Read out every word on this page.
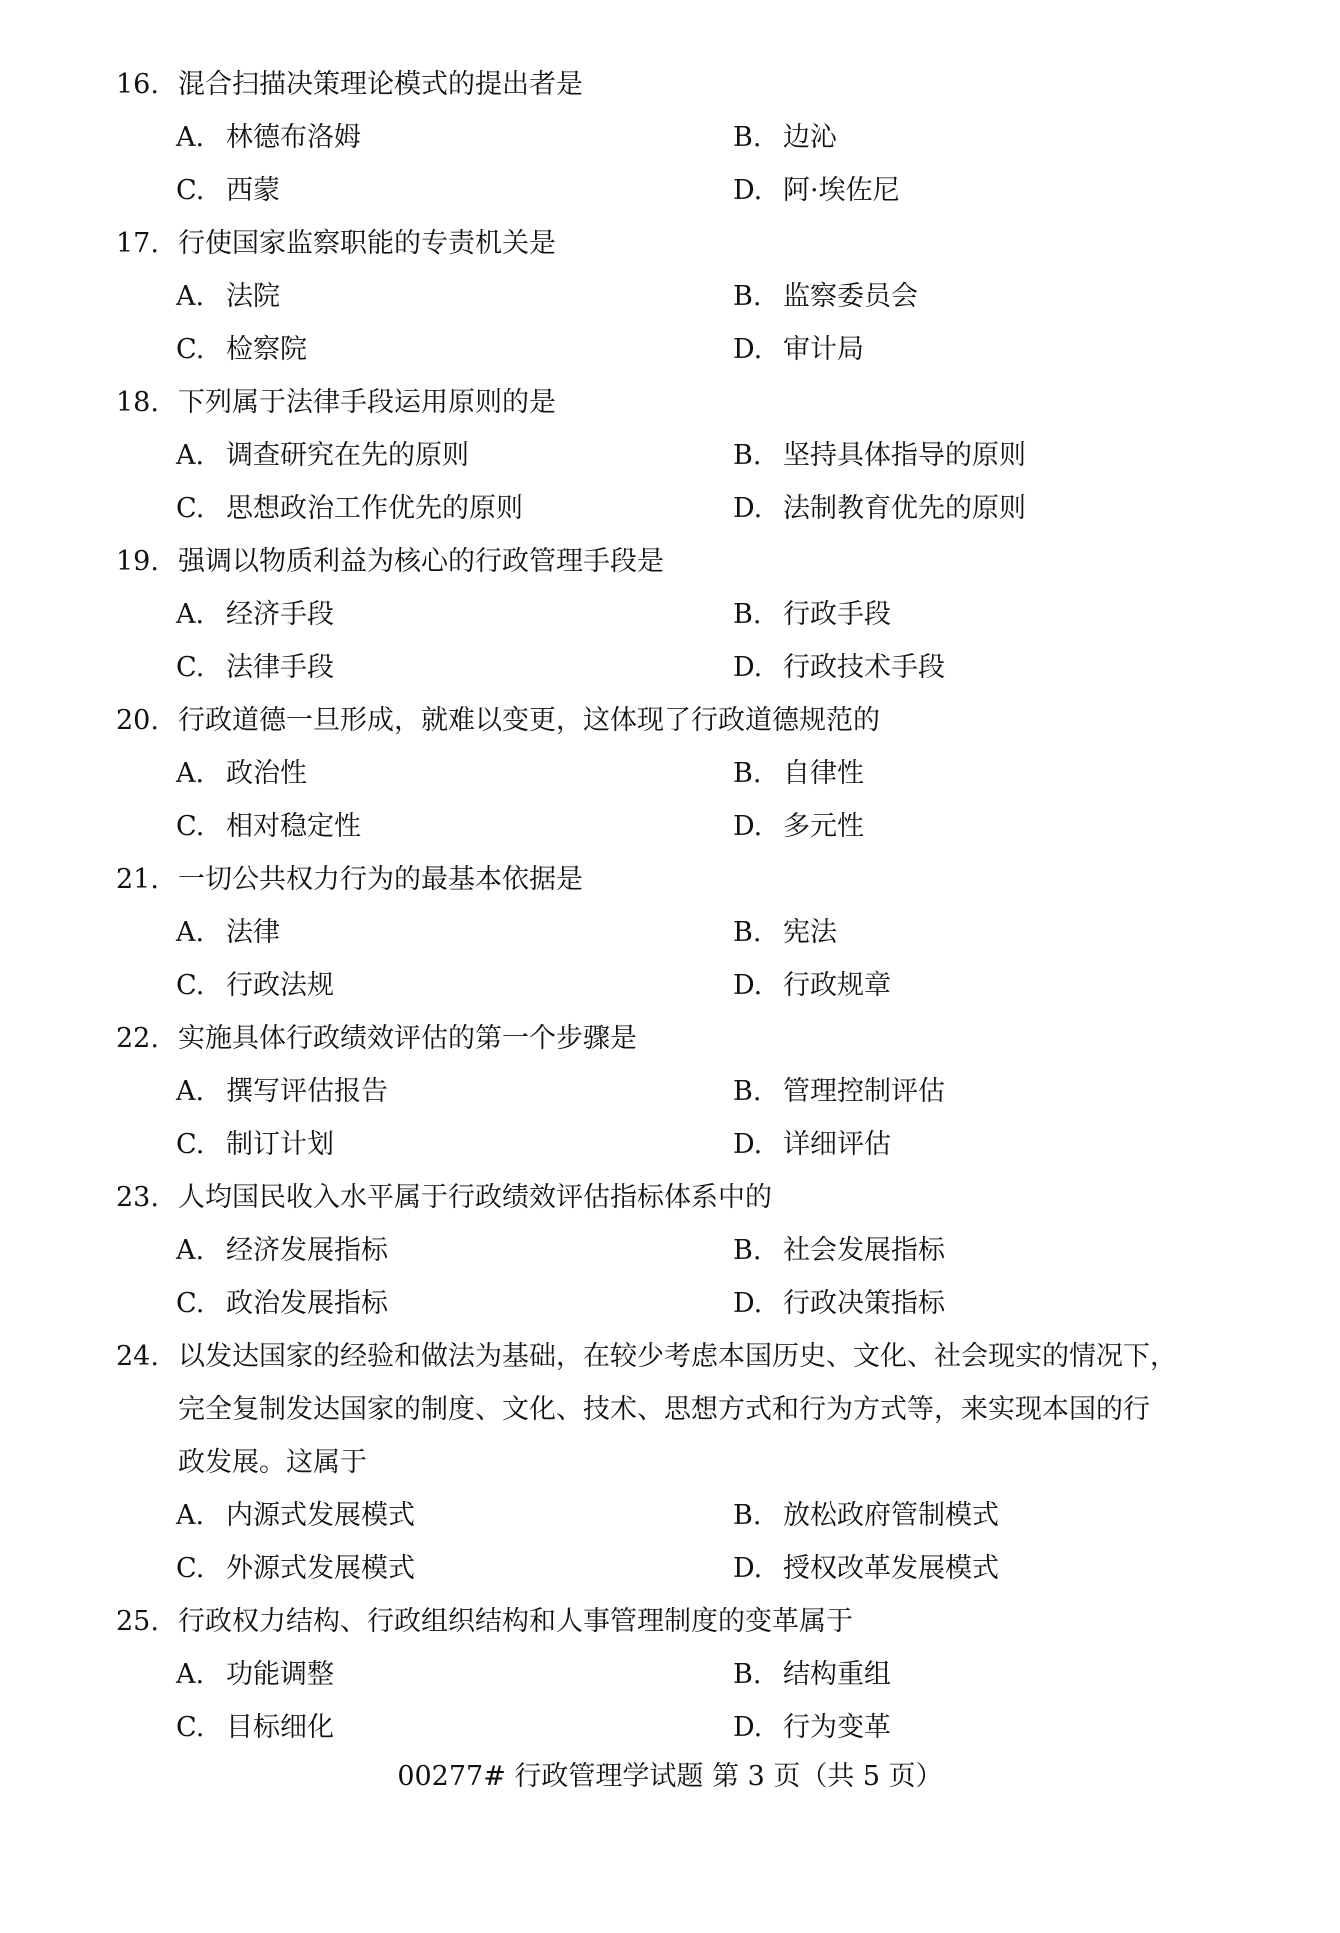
16. 混合扫描决策理论模式的提出者是
A. 林德布洛姆	B. 边沁
C. 西蒙	D. 阿·埃佐尼
17. 行使国家监察职能的专责机关是
A. 法院	B. 监察委员会
C. 检察院	D. 审计局
18. 下列属于法律手段运用原则的是
A. 调查研究在先的原则	B. 坚持具体指导的原则
C. 思想政治工作优先的原则	D. 法制教育优先的原则
19. 强调以物质利益为核心的行政管理手段是
A. 经济手段	B. 行政手段
C. 法律手段	D. 行政技术手段
20. 行政道德一旦形成，就难以变更，这体现了行政道德规范的
A. 政治性	B. 自律性
C. 相对稳定性	D. 多元性
21. 一切公共权力行为的最基本依据是
A. 法律	B. 宪法
C. 行政法规	D. 行政规章
22. 实施具体行政绩效评估的第一个步骤是
A. 撰写评估报告	B. 管理控制评估
C. 制订计划	D. 详细评估
23. 人均国民收入水平属于行政绩效评估指标体系中的
A. 经济发展指标	B. 社会发展指标
C. 政治发展指标	D. 行政决策指标
24. 以发达国家的经验和做法为基础，在较少考虑本国历史、文化、社会现实的情况下，
完全复制发达国家的制度、文化、技术、思想方式和行为方式等，来实现本国的行
政发展。这属于
A. 内源式发展模式	B. 放松政府管制模式
C. 外源式发展模式	D. 授权改革发展模式
25. 行政权力结构、行政组织结构和人事管理制度的变革属于
A. 功能调整	B. 结构重组
C. 目标细化	D. 行为变革
00277# 行政管理学试题 第 3 页（共 5 页）
